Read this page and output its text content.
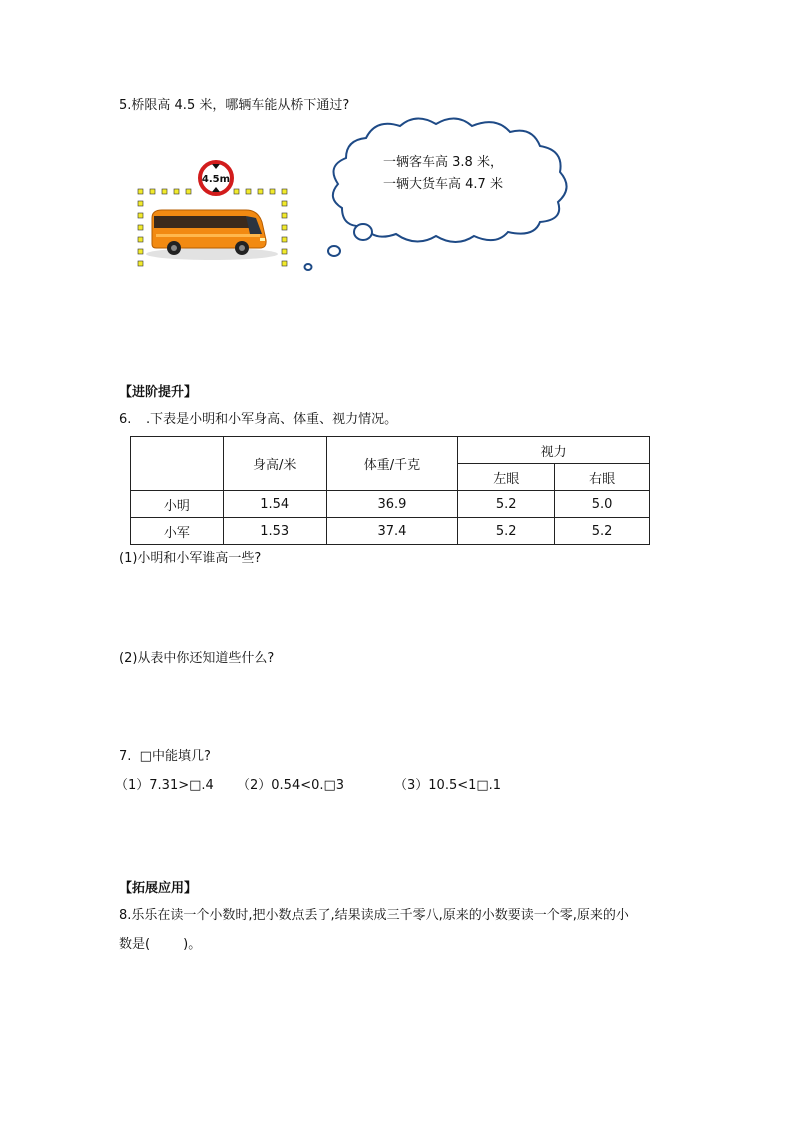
5.桥限高 4.5 米，哪辆车能从桥下通过?
4.5m
一辆客车高 3.8 米，
一辆大货车高 4.7 米
【进阶提升】
6. .下表是小明和小军身高、体重、视力情况。
	身高/米	体重/千克	视力	
			左眼	右眼
小明	1.54	36.9	5.2	5.0
小军	1.53	37.4	5.2	5.2
(1)小明和小军谁高一些?
(2)从表中你还知道些什么?
7.  □中能填几?
（1）7.31>□.4 （2）0.54<0.□3	（3）10.5<1□.1
【拓展应用】
8.乐乐在读一个小数时,把小数点丢了,结果读成三千零八,原来的小数要读一个零,原来的小
数是(        )。
